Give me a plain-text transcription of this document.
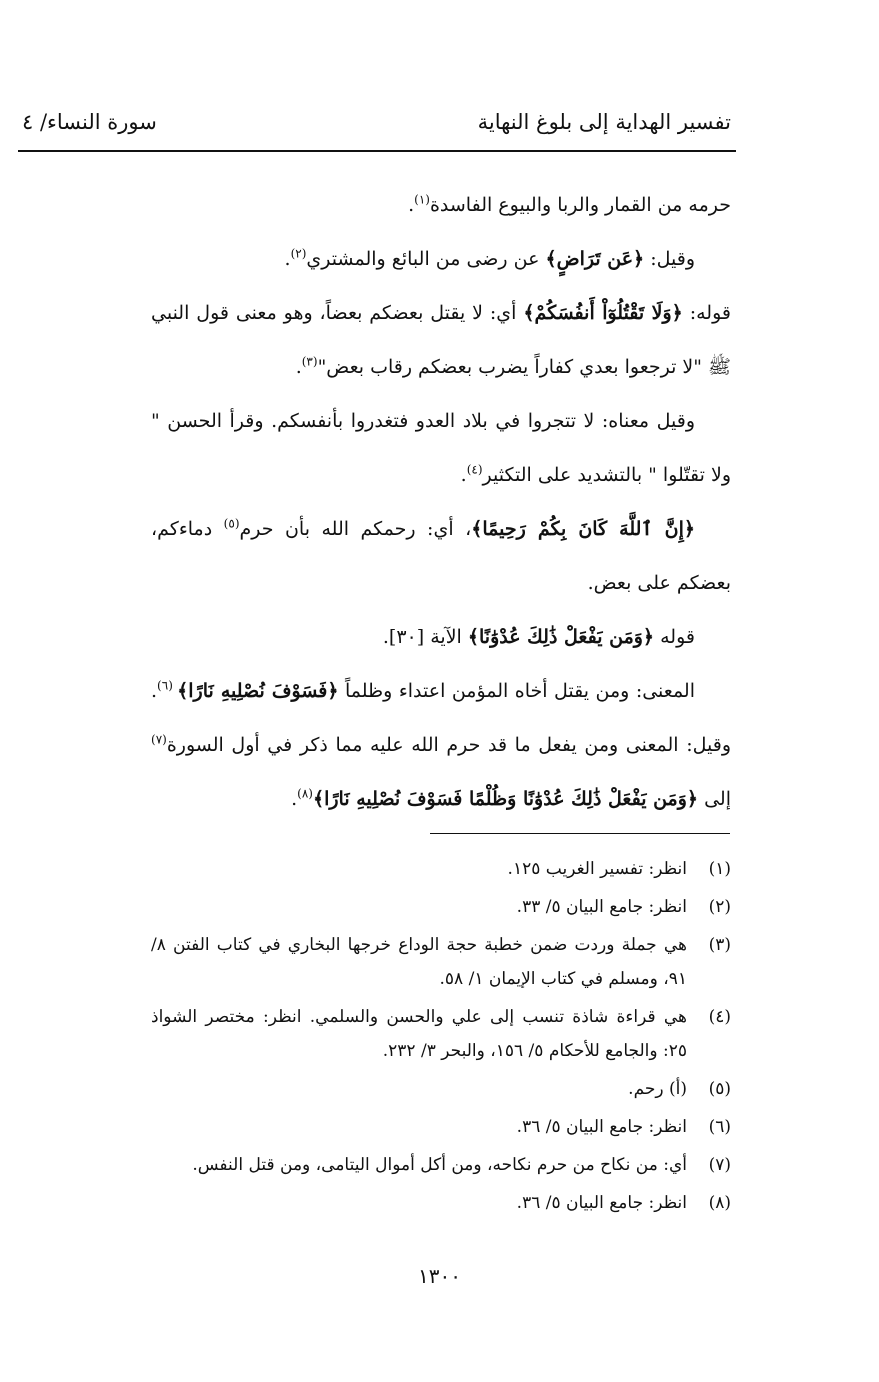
تفسير الهداية إلى بلوغ النهاية
سورة النساء/ ٤

حرمه من القمار والربا والبيوع الفاسدة$^{(١)}$.

وقيل: ﴿عَن تَرَاضٍ﴾ عن رضى من البائع والمشتري$^{(٢)}$.

قوله: ﴿وَلَا تَقْتُلُوٓاْ أَنفُسَكُمْ﴾ أي: لا يقتل بعضكم بعضاً، وهو معنى قول النبي ﷺ "لا ترجعوا بعدي كفاراً يضرب بعضكم رقاب بعض"$^{(٣)}$.

وقيل معناه: لا تتجروا في بلاد العدو فتغدروا بأنفسكم. وقرأ الحسن " ولا تقتّلوا " بالتشديد على التكثير$^{(٤)}$.

﴿إِنَّ ٱللَّهَ كَانَ بِكُمْ رَحِيمًا﴾، أي: رحمكم الله بأن حرم$^{(٥)}$ دماءكم، بعضكم على بعض.

قوله ﴿وَمَن يَفْعَلْ ذَٰلِكَ عُدْوَٰنًا﴾ الآية [٣٠].

المعنى: ومن يقتل أخاه المؤمن اعتداء وظلماً ﴿فَسَوْفَ نُصْلِيهِ نَارًا﴾ $^{(٦)}$. وقيل: المعنى ومن يفعل ما قد حرم الله عليه مما ذكر في أول السورة$^{(٧)}$ إلى ﴿وَمَن يَفْعَلْ ذَٰلِكَ عُدْوَٰنًا وَظُلْمًا فَسَوْفَ نُصْلِيهِ نَارًا﴾$^{(٨)}$.

(١)
انظر: تفسير الغريب ١٢٥.
(٢)
انظر: جامع البيان ٥/ ٣٣.
(٣)
هي جملة وردت ضمن خطبة حجة الوداع خرجها البخاري في كتاب الفتن ٨/ ٩١، ومسلم في كتاب الإيمان ١/ ٥٨.
(٤)
هي قراءة شاذة تنسب إلى علي والحسن والسلمي. انظر: مختصر الشواذ ٢٥: والجامع للأحكام ٥/ ١٥٦، والبحر ٣/ ٢٣٢.
(٥)
(أ) رحم.
(٦)
انظر: جامع البيان ٥/ ٣٦.
(٧)
أي: من نكاح من حرم نكاحه، ومن أكل أموال اليتامى، ومن قتل النفس.
(٨)
انظر: جامع البيان ٥/ ٣٦.
١٣٠٠
